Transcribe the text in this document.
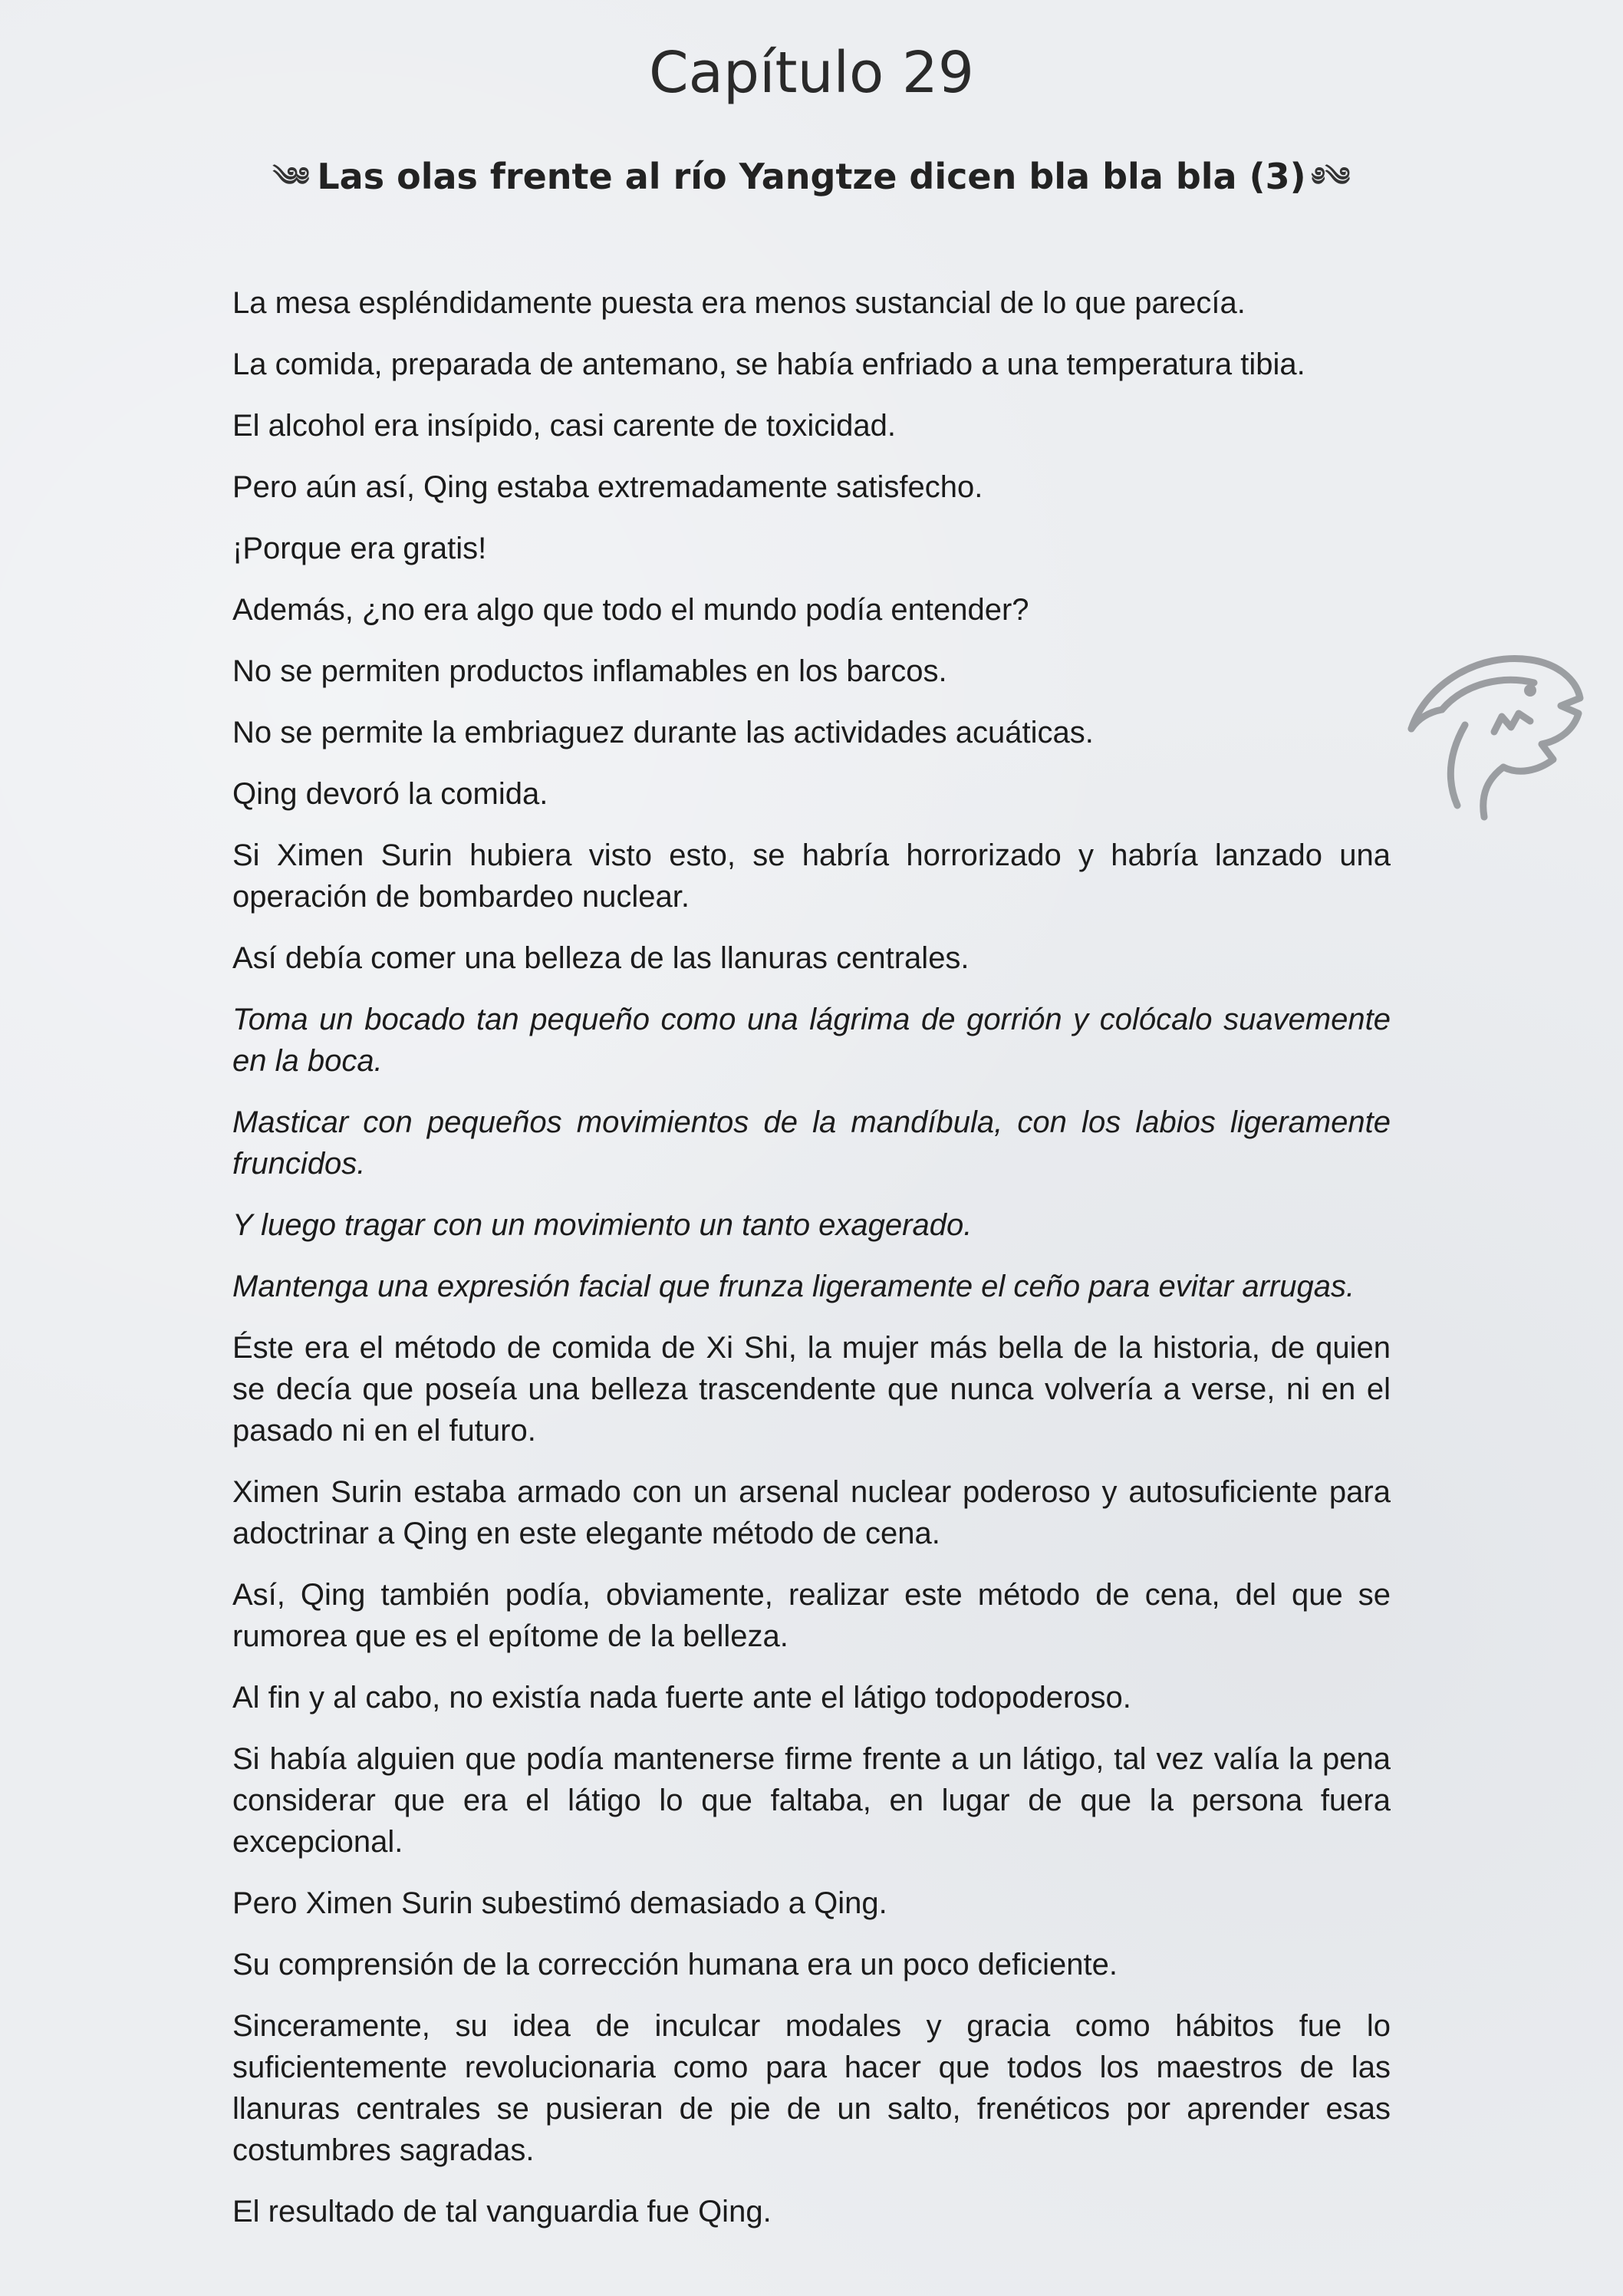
Capítulo 29
༄༅ Las olas frente al río Yangtze dicen bla bla bla (3) ༅༄

La mesa espléndidamente puesta era menos sustancial de lo que parecía.

La comida, preparada de antemano, se había enfriado a una temperatura tibia.

El alcohol era insípido, casi carente de toxicidad.

Pero aún así, Qing estaba extremadamente satisfecho.

¡Porque era gratis!

Además, ¿no era algo que todo el mundo podía entender?

No se permiten productos inflamables en los barcos.

No se permite la embriaguez durante las actividades acuáticas.

Qing devoró la comida.

Si Ximen Surin hubiera visto esto, se habría horrorizado y habría lanzado una operación de bombardeo nuclear.

Así debía comer una belleza de las llanuras centrales.

Toma un bocado tan pequeño como una lágrima de gorrión y colócalo suavemente en la boca.

Masticar con pequeños movimientos de la mandíbula, con los labios ligeramente fruncidos.

Y luego tragar con un movimiento un tanto exagerado.

Mantenga una expresión facial que frunza ligeramente el ceño para evitar arrugas.

Éste era el método de comida de Xi Shi, la mujer más bella de la historia, de quien se decía que poseía una belleza trascendente que nunca volvería a verse, ni en el pasado ni en el futuro.

Ximen Surin estaba armado con un arsenal nuclear poderoso y autosuficiente para adoctrinar a Qing en este elegante método de cena.

Así, Qing también podía, obviamente, realizar este método de cena, del que se rumorea que es el epítome de la belleza.

Al fin y al cabo, no existía nada fuerte ante el látigo todopoderoso.

Si había alguien que podía mantenerse firme frente a un látigo, tal vez valía la pena considerar que era el látigo lo que faltaba, en lugar de que la persona fuera excepcional.

Pero Ximen Surin subestimó demasiado a Qing.

Su comprensión de la corrección humana era un poco deficiente.

Sinceramente, su idea de inculcar modales y gracia como hábitos fue lo suficientemente revolucionaria como para hacer que todos los maestros de las llanuras centrales se pusieran de pie de un salto, frenéticos por aprender esas costumbres sagradas.

El resultado de tal vanguardia fue Qing.
